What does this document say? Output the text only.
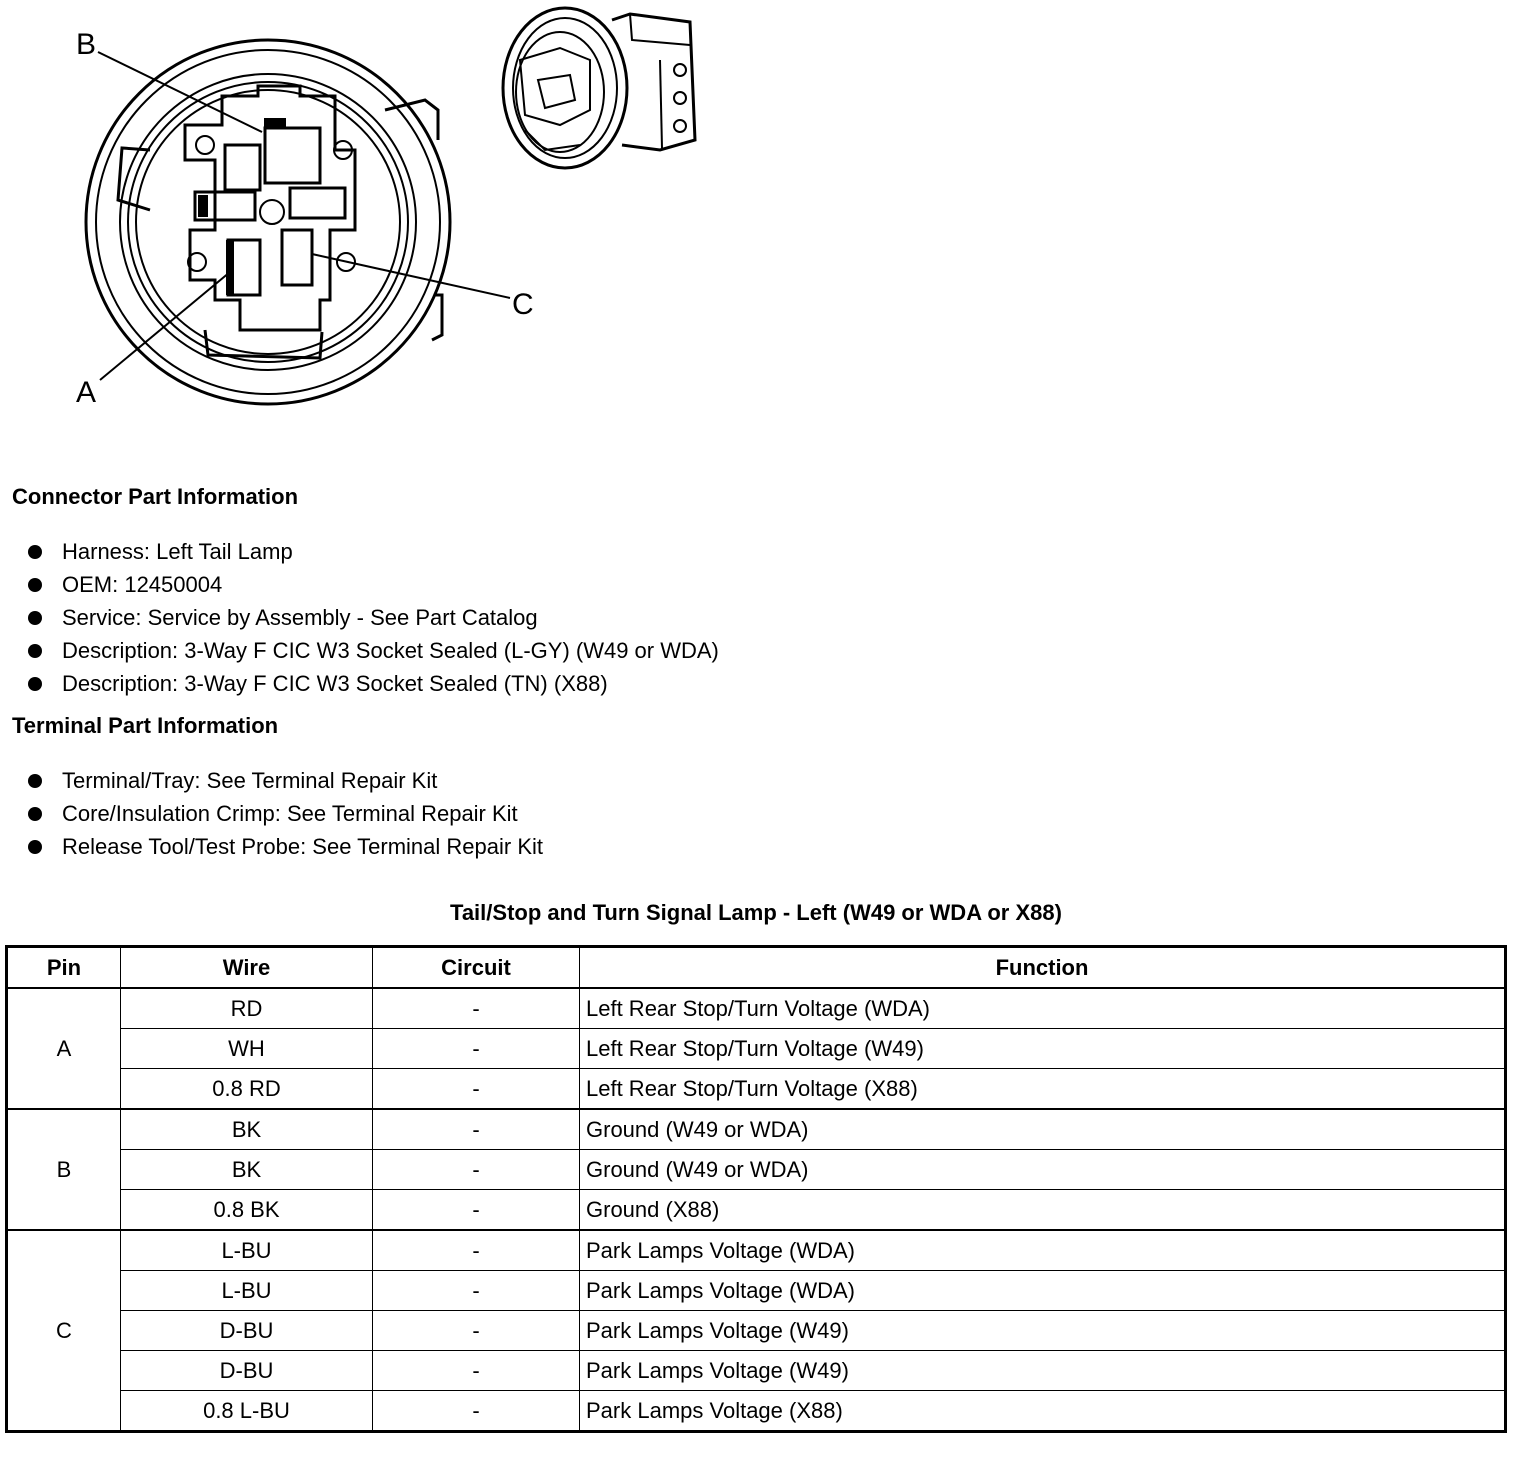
B
A
C
Connector Part Information
Harness: Left Tail Lamp
OEM: 12450004
Service: Service by Assembly - See Part Catalog
Description: 3-Way F CIC W3 Socket Sealed (L-GY) (W49 or WDA)
Description: 3-Way F CIC W3 Socket Sealed (TN) (X88)
Terminal Part Information
Terminal/Tray: See Terminal Repair Kit
Core/Insulation Crimp: See Terminal Repair Kit
Release Tool/Test Probe: See Terminal Repair Kit
Tail/Stop and Turn Signal Lamp - Left (W49 or WDA or X88)
Pin	Wire	Circuit	Function
A	RD	-	Left Rear Stop/Turn Voltage (WDA)
	WH	-	Left Rear Stop/Turn Voltage (W49)
	0.8 RD	-	Left Rear Stop/Turn Voltage (X88)
B	BK	-	Ground (W49 or WDA)
	BK	-	Ground (W49 or WDA)
	0.8 BK	-	Ground (X88)
C	L-BU	-	Park Lamps Voltage (WDA)
	L-BU	-	Park Lamps Voltage (WDA)
	D-BU	-	Park Lamps Voltage (W49)
	D-BU	-	Park Lamps Voltage (W49)
	0.8 L-BU	-	Park Lamps Voltage (X88)
